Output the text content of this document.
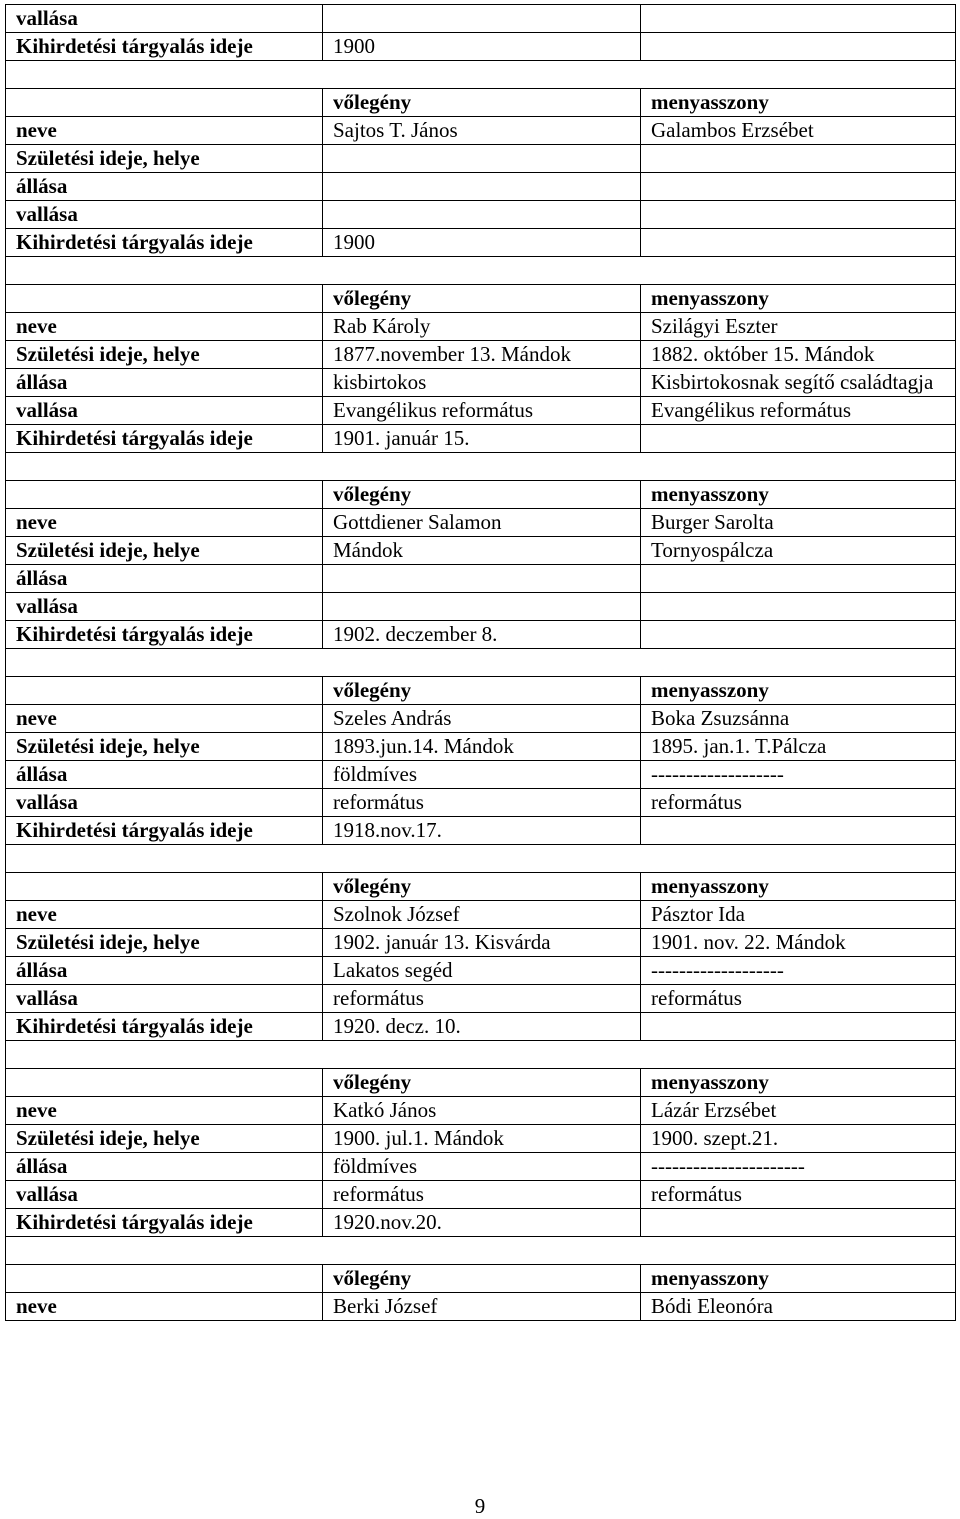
vallása		
Kihirdetési tárgyalás ideje	1900	

	vőlegény	menyasszony
neve	Sajtos T. János	Galambos Erzsébet
Születési ideje, helye		
állása		
vallása		
Kihirdetési tárgyalás ideje	1900	

	vőlegény	menyasszony
neve	Rab Károly	Szilágyi Eszter
Születési ideje, helye	1877.november 13. Mándok	1882. október 15. Mándok
állása	kisbirtokos	Kisbirtokosnak segítő családtagja
vallása	Evangélikus református	Evangélikus református
Kihirdetési tárgyalás ideje	1901. január 15.	

	vőlegény	menyasszony
neve	Gottdiener Salamon	Burger Sarolta
Születési ideje, helye	Mándok	Tornyospálcza
állása		
vallása		
Kihirdetési tárgyalás ideje	1902. deczember 8.	

	vőlegény	menyasszony
neve	Szeles András	Boka Zsuzsánna
Születési ideje, helye	1893.jun.14. Mándok	1895. jan.1. T.Pálcza
állása	földmíves	-------------------
vallása	református	református
Kihirdetési tárgyalás ideje	1918.nov.17.	

	vőlegény	menyasszony
neve	Szolnok József	Pásztor Ida
Születési ideje, helye	1902. január 13. Kisvárda	1901. nov. 22. Mándok
állása	Lakatos segéd	-------------------
vallása	református	református
Kihirdetési tárgyalás ideje	1920. decz. 10.	

	vőlegény	menyasszony
neve	Katkó János	Lázár Erzsébet
Születési ideje, helye	1900. jul.1. Mándok	1900. szept.21.
állása	földmíves	----------------------
vallása	református	református
Kihirdetési tárgyalás ideje	1920.nov.20.	

	vőlegény	menyasszony
neve	Berki József	Bódi Eleonóra
9
